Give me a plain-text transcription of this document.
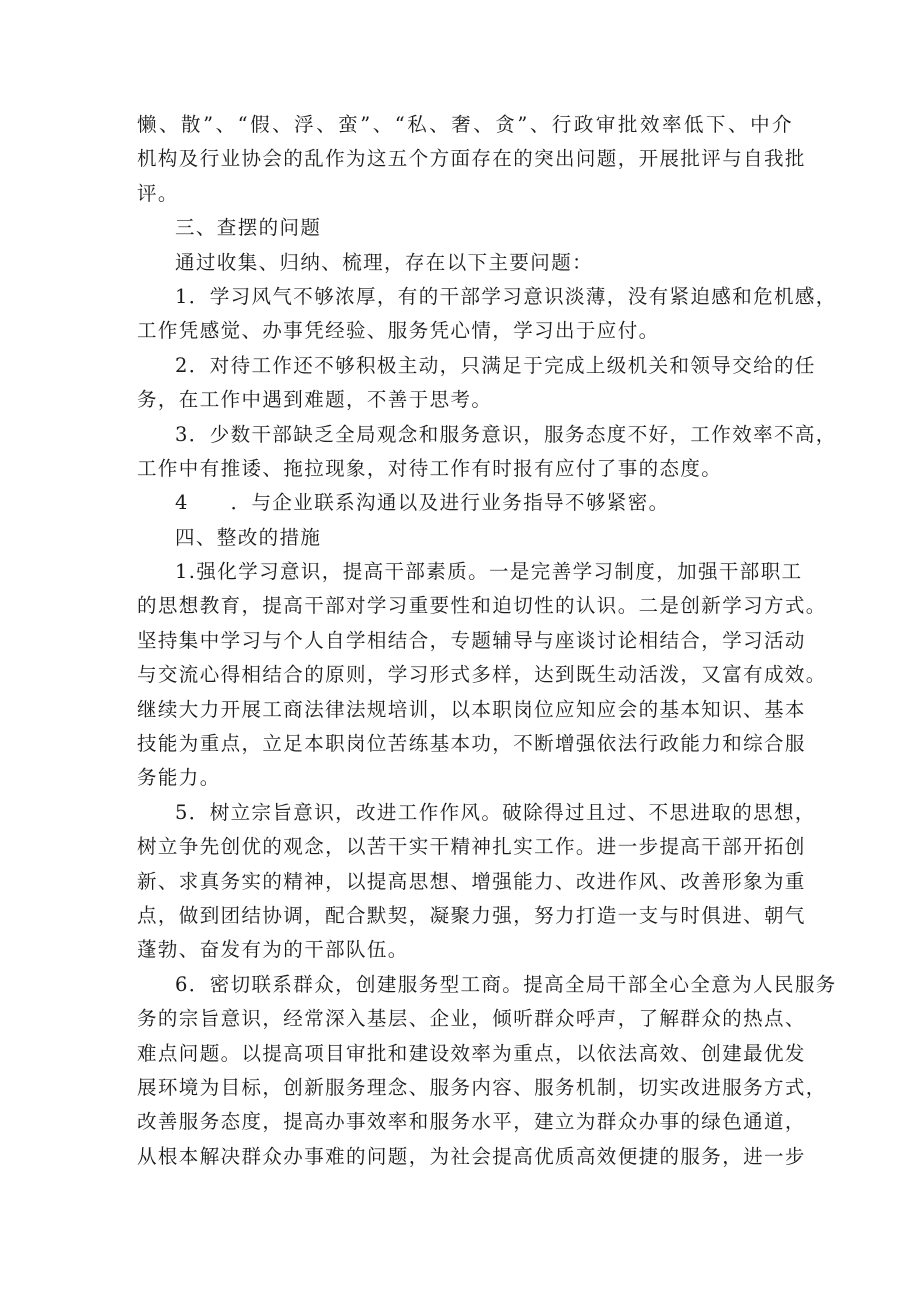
懒、散”、“假、浮、蛮”、“私、奢、贪”、行政审批效率低下、中介
机构及行业协会的乱作为这五个方面存在的突出问题，开展批评与自我批
评。
三、查摆的问题
通过收集、归纳、梳理，存在以下主要问题：
1．学习风气不够浓厚，有的干部学习意识淡薄，没有紧迫感和危机感，
工作凭感觉、办事凭经验、服务凭心情，学习出于应付。
2．对待工作还不够积极主动，只满足于完成上级机关和领导交给的任
务，在工作中遇到难题，不善于思考。
3．少数干部缺乏全局观念和服务意识，服务态度不好，工作效率不高，
工作中有推诿、拖拉现象，对待工作有时报有应付了事的态度。
4　　．与企业联系沟通以及进行业务指导不够紧密。
四、整改的措施
1.强化学习意识，提高干部素质。一是完善学习制度，加强干部职工
的思想教育，提高干部对学习重要性和迫切性的认识。二是创新学习方式。
坚持集中学习与个人自学相结合，专题辅导与座谈讨论相结合，学习活动
与交流心得相结合的原则，学习形式多样，达到既生动活泼，又富有成效。
继续大力开展工商法律法规培训，以本职岗位应知应会的基本知识、基本
技能为重点，立足本职岗位苦练基本功，不断增强依法行政能力和综合服
务能力。
5．树立宗旨意识，改进工作作风。破除得过且过、不思进取的思想，
树立争先创优的观念，以苦干实干精神扎实工作。进一步提高干部开拓创
新、求真务实的精神，以提高思想、增强能力、改进作风、改善形象为重
点，做到团结协调，配合默契，凝聚力强，努力打造一支与时俱进、朝气
蓬勃、奋发有为的干部队伍。
6．密切联系群众，创建服务型工商。提高全局干部全心全意为人民服务
务的宗旨意识，经常深入基层、企业，倾听群众呼声，了解群众的热点、
难点问题。以提高项目审批和建设效率为重点，以依法高效、创建最优发
展环境为目标，创新服务理念、服务内容、服务机制，切实改进服务方式，
改善服务态度，提高办事效率和服务水平，建立为群众办事的绿色通道，
从根本解决群众办事难的问题，为社会提高优质高效便捷的服务，进一步
